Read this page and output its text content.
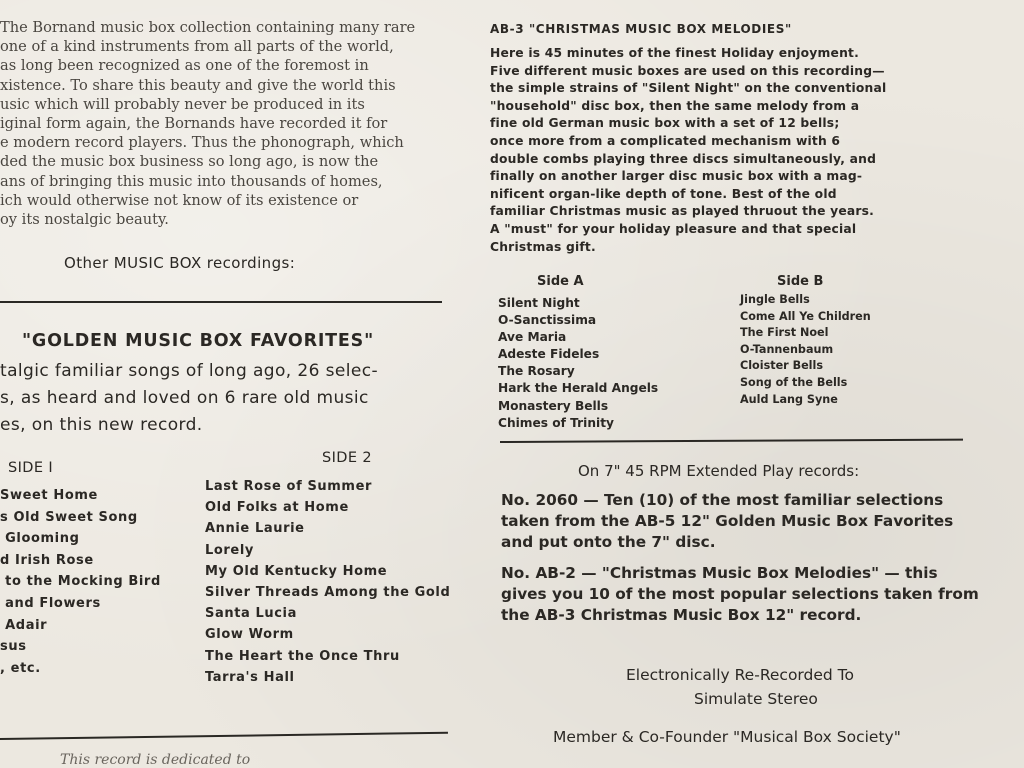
The Bornand music box collection containing many rare
one of a kind instruments from all parts of the world,
as long been recognized as one of the foremost in
xistence. To share this beauty and give the world this
usic which will probably never be produced in its
iginal form again, the Bornands have recorded it for
e modern record players. Thus the phonograph, which
ded the music box business so long ago, is now the
ans of bringing this music into thousands of homes,
ich would otherwise not know of its existence or
oy its nostalgic beauty.
Other MUSIC BOX recordings:
"GOLDEN MUSIC BOX FAVORITES"
talgic familiar songs of long ago, 26 selec-
s, as heard and loved on 6 rare old music
es, on this new record.
SIDE I
SIDE 2
Sweet Home
s Old Sweet Song
Glooming
d Irish Rose
to the Mocking Bird
and Flowers
Adair
sus
, etc.
Last Rose of Summer
Old Folks at Home
Annie Laurie
Lorely
My Old Kentucky Home
Silver Threads Among the Gold
Santa Lucia
Glow Worm
The Heart the Once Thru
Tarra's Hall
This record is dedicated to
AB-3 "CHRISTMAS MUSIC BOX MELODIES"
Here is 45 minutes of the finest Holiday enjoyment.
Five different music boxes are used on this recording—
the simple strains of "Silent Night" on the conventional
"household" disc box, then the same melody from a
fine old German music box with a set of 12 bells;
once more from a complicated mechanism with 6
double combs playing three discs simultaneously, and
finally on another larger disc music box with a mag-
nificent organ-like depth of tone. Best of the old
familiar Christmas music as played thruout the years.
A "must" for your holiday pleasure and that special
Christmas gift.
Side A	Side B
Silent Night
O-Sanctissima
Ave Maria
Adeste Fideles
The Rosary
Hark the Herald Angels
Monastery Bells
Chimes of Trinity
Jingle Bells
Come All Ye Children
The First Noel
O-Tannenbaum
Cloister Bells
Song of the Bells
Auld Lang Syne
On 7" 45 RPM Extended Play records:
No. 2060 — Ten (10) of the most familiar selections
taken from the AB-5 12" Golden Music Box Favorites
and put onto the 7" disc.
No. AB-2 — "Christmas Music Box Melodies" — this
gives you 10 of the most popular selections taken from
the AB-3 Christmas Music Box 12" record.
Electronically Re-Recorded To
Simulate Stereo
Member & Co-Founder "Musical Box Society"
